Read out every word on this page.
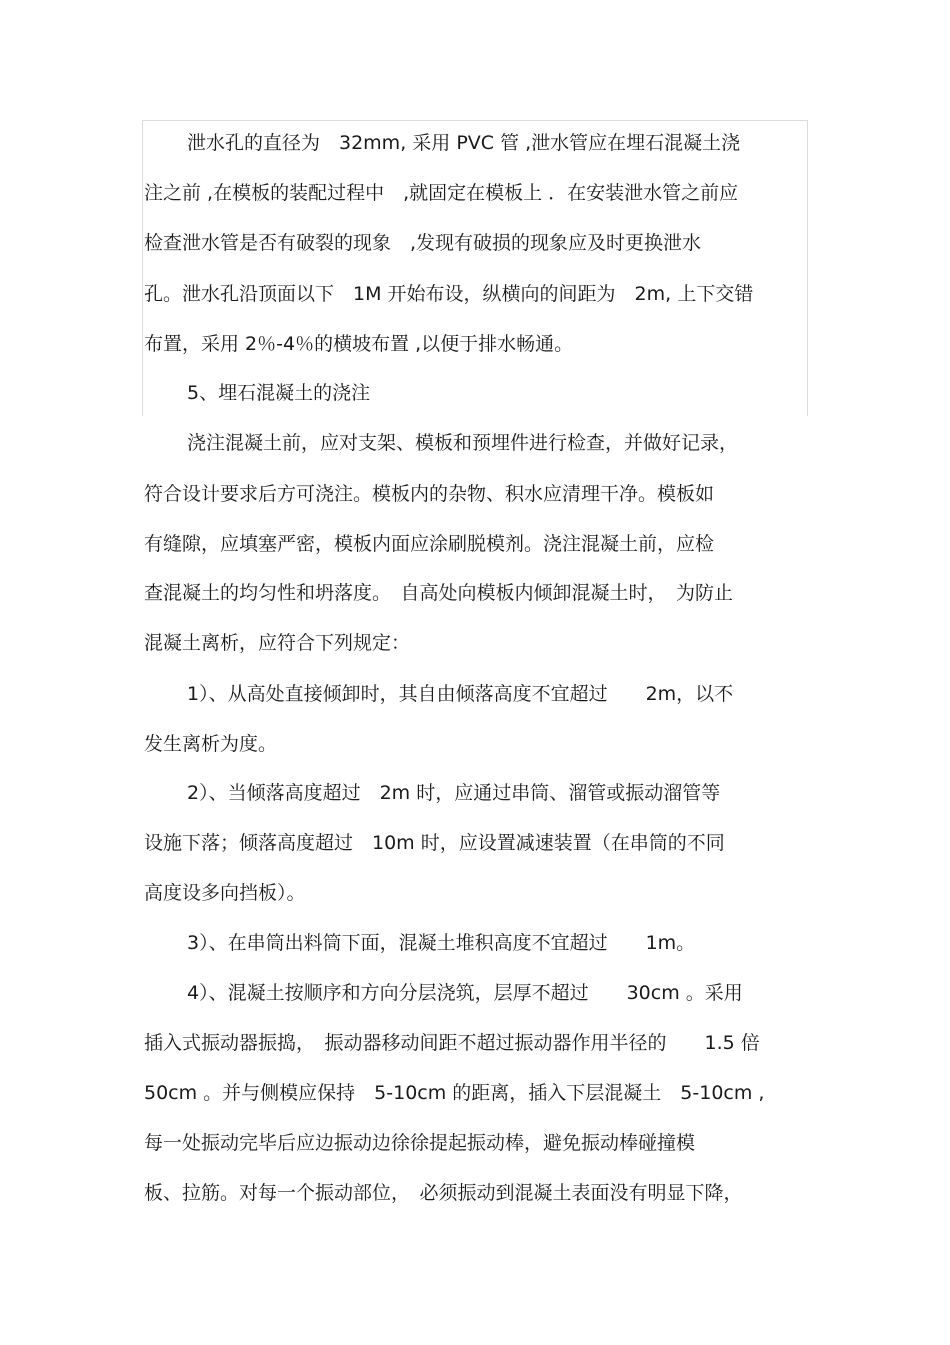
泄水孔的直径为　32mm, 采用 PVC 管 ,泄水管应在埋石混凝土浇
注之前 ,在模板的装配过程中　,就固定在模板上 ．在安装泄水管之前应
检查泄水管是否有破裂的现象　,发现有破损的现象应及时更换泄水
孔。泄水孔沿顶面以下　1M 开始布设，纵横向的间距为　2m, 上下交错
布置，采用 2％-4％的横坡布置 ,以便于排水畅通。
5、埋石混凝土的浇注
浇注混凝土前，应对支架、模板和预埋件进行检查，并做好记录，
符合设计要求后方可浇注。模板内的杂物、积水应清理干净。模板如
有缝隙，应填塞严密，模板内面应涂刷脱模剂。浇注混凝土前，应检
查混凝土的均匀性和坍落度。　自高处向模板内倾卸混凝土时，　为防止
混凝土离析，应符合下列规定：
1）、从高处直接倾卸时，其自由倾落高度不宜超过　　2m，以不
发生离析为度。
2）、当倾落高度超过　2m 时，应通过串筒、溜管或振动溜管等
设施下落；倾落高度超过　10m 时，应设置减速装置（在串筒的不同
高度设多向挡板）。
3）、在串筒出料筒下面，混凝土堆积高度不宜超过　　1m。
4）、混凝土按顺序和方向分层浇筑，层厚不超过　　30cm 。采用
插入式振动器振捣，　振动器移动间距不超过振动器作用半径的　　1.5 倍
50cm 。并与侧模应保持　5-10cm 的距离，插入下层混凝土　5-10cm ,
每一处振动完毕后应边振动边徐徐提起振动棒，避免振动棒碰撞模
板、拉筋。对每一个振动部位，　必须振动到混凝土表面没有明显下降，
